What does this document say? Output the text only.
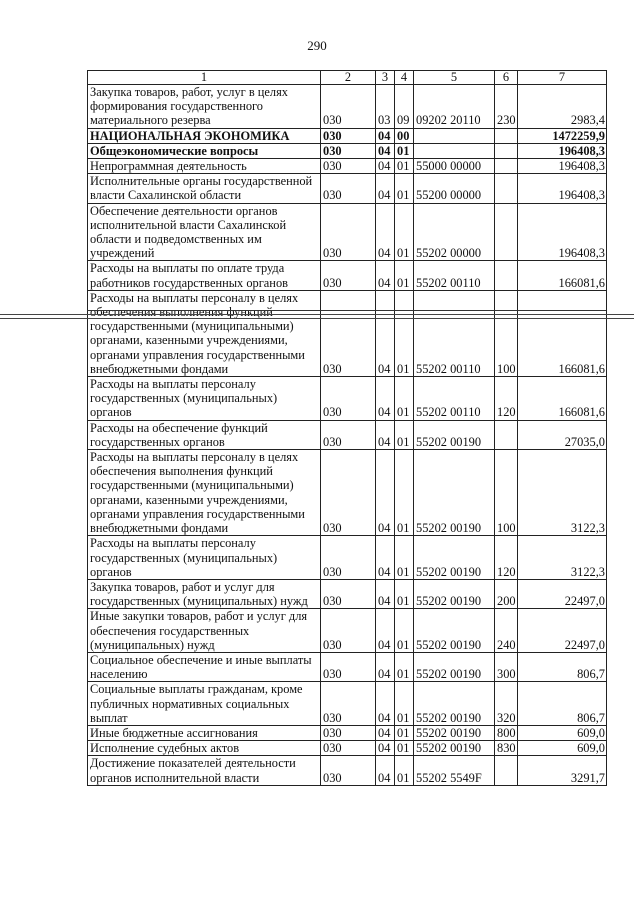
290
1	2	3	4	5	6	7
Закупка товаров, работ, услуг в целях формирования государственного материального резерва	030	03	09	09202 20110	230	2983,4
НАЦИОНАЛЬНАЯ ЭКОНОМИКА	030	04	00			1472259,9
Общеэкономические вопросы	030	04	01			196408,3
Непрограммная деятельность	030	04	01	55000 00000		196408,3
Исполнительные органы государственной власти Сахалинской области	030	04	01	55200 00000		196408,3
Обеспечение деятельности органов исполнительной власти Сахалинской области и подведомственных им учреждений	030	04	01	55202 00000		196408,3
Расходы на выплаты по оплате труда работников государственных органов	030	04	01	55202 00110		166081,6
Расходы на выплаты персоналу в целях обеспечения выполнения функций государственными (муниципальными) органами, казенными учреждениями, органами управления государственными внебюджетными фондами	030	04	01	55202 00110	100	166081,6
Расходы на выплаты персоналу государственных (муниципальных) органов	030	04	01	55202 00110	120	166081,6
Расходы на обеспечение функций государственных органов	030	04	01	55202 00190		27035,0
Расходы на выплаты персоналу в целях обеспечения выполнения функций государственными (муниципальными) органами, казенными учреждениями, органами управления государственными внебюджетными фондами	030	04	01	55202 00190	100	3122,3
Расходы на выплаты персоналу государственных (муниципальных) органов	030	04	01	55202 00190	120	3122,3
Закупка товаров, работ и услуг для государственных (муниципальных) нужд	030	04	01	55202 00190	200	22497,0
Иные закупки товаров, работ и услуг для обеспечения государственных (муниципальных) нужд	030	04	01	55202 00190	240	22497,0
Социальное обеспечение и иные выплаты населению	030	04	01	55202 00190	300	806,7
Социальные выплаты гражданам, кроме публичных нормативных социальных выплат	030	04	01	55202 00190	320	806,7
Иные бюджетные ассигнования	030	04	01	55202 00190	800	609,0
Исполнение судебных актов	030	04	01	55202 00190	830	609,0
Достижение показателей деятельности органов исполнительной власти	030	04	01	55202 5549F		3291,7
